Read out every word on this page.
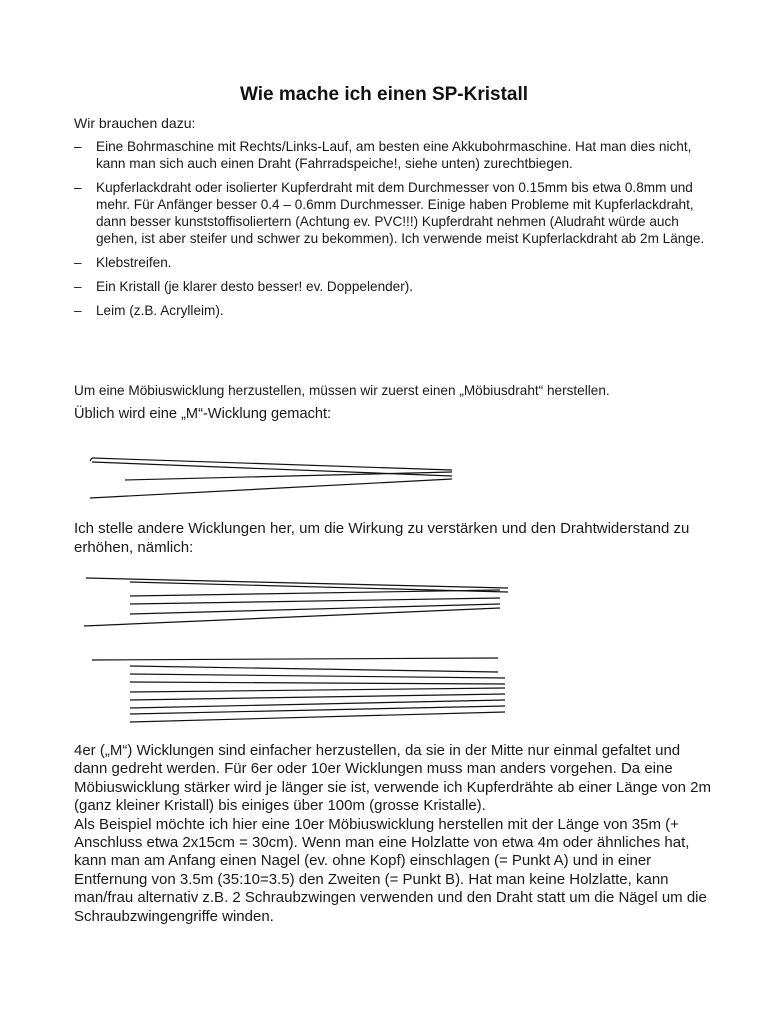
Wie mache ich einen SP-Kristall
Wir brauchen dazu:
– Eine Bohrmaschine mit Rechts/Links-Lauf, am besten eine Akkubohrmaschine. Hat man dies nicht, kann man sich auch einen Draht (Fahrradspeiche!, siehe unten) zurechtbiegen.
– Kupferlackdraht oder isolierter Kupferdraht mit dem Durchmesser von 0.15mm bis etwa 0.8mm und mehr. Für Anfänger besser 0.4 – 0.6mm Durchmesser. Einige haben Probleme mit Kupferlackdraht, dann besser kunststoffisoliertern (Achtung ev. PVC!!!) Kupferdraht nehmen (Aludraht würde auch gehen, ist aber steifer und schwer zu bekommen). Ich verwende meist Kupferlackdraht ab 2m Länge.
– Klebstreifen.
– Ein Kristall (je klarer desto besser! ev. Doppelender).
– Leim (z.B. Acrylleim).
Um eine Möbiuswicklung herzustellen, müssen wir zuerst einen „Möbiusdraht“ herstellen.
Üblich wird eine „M“-Wicklung gemacht:
Ich stelle andere Wicklungen her, um die Wirkung zu verstärken und den Drahtwiderstand zu erhöhen, nämlich:
4er („M“) Wicklungen sind einfacher herzustellen, da sie in der Mitte nur einmal gefaltet und dann gedreht werden. Für 6er oder 10er Wicklungen muss man anders vorgehen. Da eine Möbiuswicklung stärker wird je länger sie ist, verwende ich Kupferdrähte ab einer Länge von 2m (ganz kleiner Kristall) bis einiges über 100m (grosse Kristalle).
Als Beispiel möchte ich hier eine 10er Möbiuswicklung herstellen mit der Länge von 35m (+ Anschluss etwa 2x15cm = 30cm). Wenn man eine Holzlatte von etwa 4m oder ähnliches hat, kann man am Anfang einen Nagel (ev. ohne Kopf) einschlagen (= Punkt A) und in einer Entfernung von 3.5m (35:10=3.5) den Zweiten (= Punkt B). Hat man keine Holzlatte, kann man/frau alternativ z.B. 2 Schraubzwingen verwenden und den Draht statt um die Nägel um die Schraubzwingengriffe winden.
